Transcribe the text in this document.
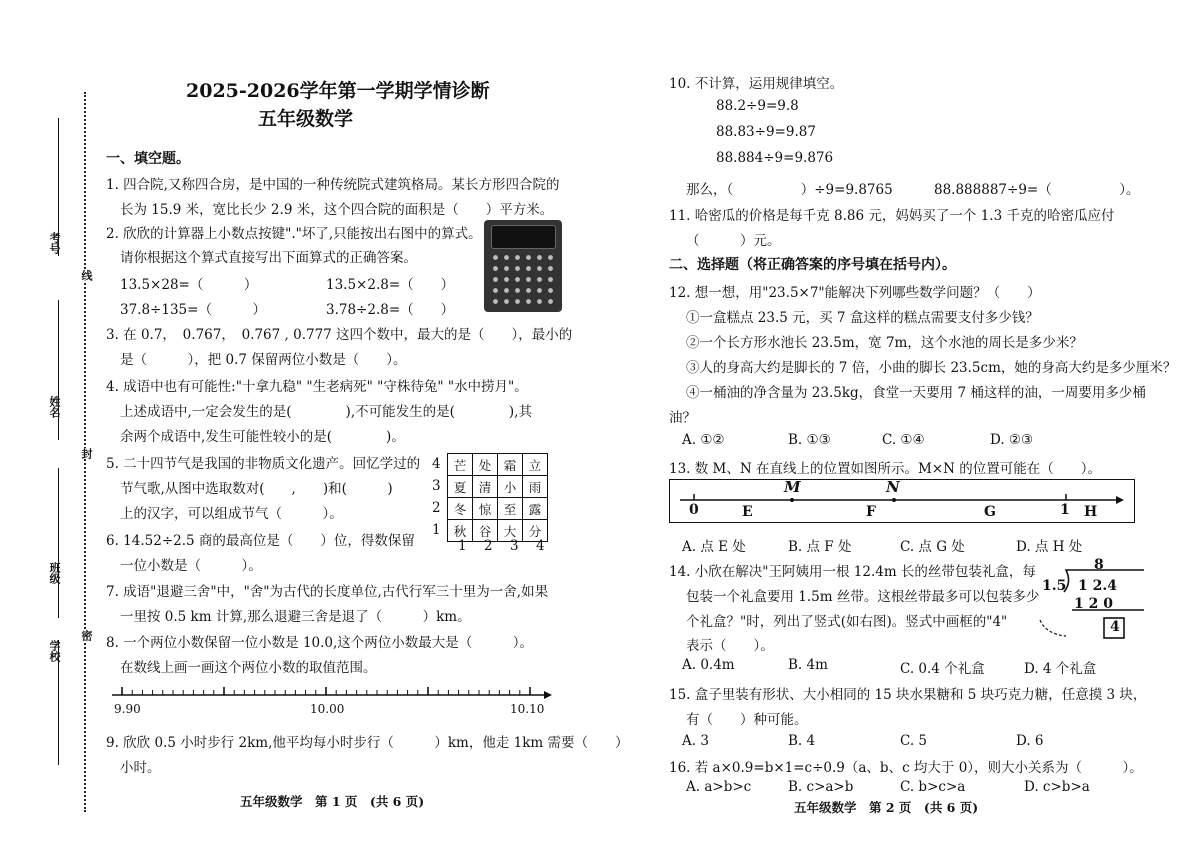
考号
姓名
班级
学校
线
封
密
2025-2026学年第一学期学情诊断
五年级数学
一、填空题。
1. 四合院,又称四合房，是中国的一种传统院式建筑格局。某长方形四合院的
长为 15.9 米，宽比长少 2.9 米，这个四合院的面积是（　　）平方米。
2. 欣欣的计算器上小数点按键"."坏了,只能按出右图中的算式。
请你根据这个算式直接写出下面算式的正确答案。
13.5×28=（　　　）	13.5×2.8=（　　）
37.8÷135=（　　　）	3.78÷2.8=（　　）
3. 在 0.7，　0.767，　0.767 , 0.777 这四个数中，最大的是（　　），最小的
是（　　　），把 0.7 保留两位小数是（　　）。
4. 成语中也有可能性:"十拿九稳" "生老病死" "守株待兔" "水中捞月"。
上述成语中,一定会发生的是(　　　　),不可能发生的是(　　　　),其
余两个成语中,发生可能性较小的是(　　　　)。
5. 二十四节气是我国的非物质文化遗产。回忆学过的
节气歌,从图中选取数对(　　,　　)和(　　　)
上的汉字，可以组成节气（　　　）。
4
3
2
1
芒	处	霜	立
夏	清	小	雨
冬	惊	至	露
秋	谷	大	分
1 2 3 4
6. 14.52÷2.5 商的最高位是（　　）位，得数保留
一位小数是（　　　）。
7. 成语"退避三舍"中，"舍"为古代的长度单位,古代行军三十里为一舍,如果
一里按 0.5 km 计算,那么退避三舍是退了（　　　）km。
8. 一个两位小数保留一位小数是 10.0,这个两位小数最大是（　　　）。
在数线上画一画这个两位小数的取值范围。
9.90	10.00	10.10
9. 欣欣 0.5 小时步行 2km,他平均每小时步行（　　　）km，他走 1km 需要（　　）
小时。
五年级数学　第 1 页　(共 6 页)
10. 不计算，运用规律填空。
88.2÷9=9.8
88.83÷9=9.87
88.884÷9=9.876
那么，（　　　　　）÷9=9.8765	88.888887÷9=（　　　　　）。
11. 哈密瓜的价格是每千克 8.86 元，妈妈买了一个 1.3 千克的哈密瓜应付
（　　　）元。
二、选择题（将正确答案的序号填在括号内）。
12. 想一想，用"23.5×7"能解决下列哪些数学问题？（　　）
①一盒糕点 23.5 元，买 7 盒这样的糕点需要支付多少钱？
②一个长方形水池长 23.5m，宽 7m，这个水池的周长是多少米？
③人的身高大约是脚长的 7 倍，小曲的脚长 23.5cm，她的身高大约是多少厘米？
④一桶油的净含量为 23.5kg，食堂一天要用 7 桶这样的油，一周要用多少桶
油？
A. ①②	B. ①③	C. ①④	D. ②③
13. 数 M、N 在直线上的位置如图所示。M×N 的位置可能在（　　）。
M	N
0	E	F	G	1 H
A. 点 E 处	B. 点 F 处	C. 点 G 处	D. 点 H 处
14. 小欣在解决"王阿姨用一根 12.4m 长的丝带包装礼盒，每
包装一个礼盒要用 1.5m 丝带。这根丝带最多可以包装多少
个礼盒？"时，列出了竖式(如右图)。竖式中画框的"4"
表示（　　）。
8
1.5 1 2.4
1 2 0
4
A. 0.4m	B. 4m	C. 0.4 个礼盒	D. 4 个礼盒
15. 盒子里装有形状、大小相同的 15 块水果糖和 5 块巧克力糖，任意摸 3 块，
有（　　）种可能。
A. 3	B. 4	C. 5	D. 6
16. 若 a×0.9=b×1=c÷0.9（a、b、c 均大于 0），则大小关系为（　　　）。
A. a>b>c	B. c>a>b	C. b>c>a	D. c>b>a
五年级数学　第 2 页　(共 6 页)
